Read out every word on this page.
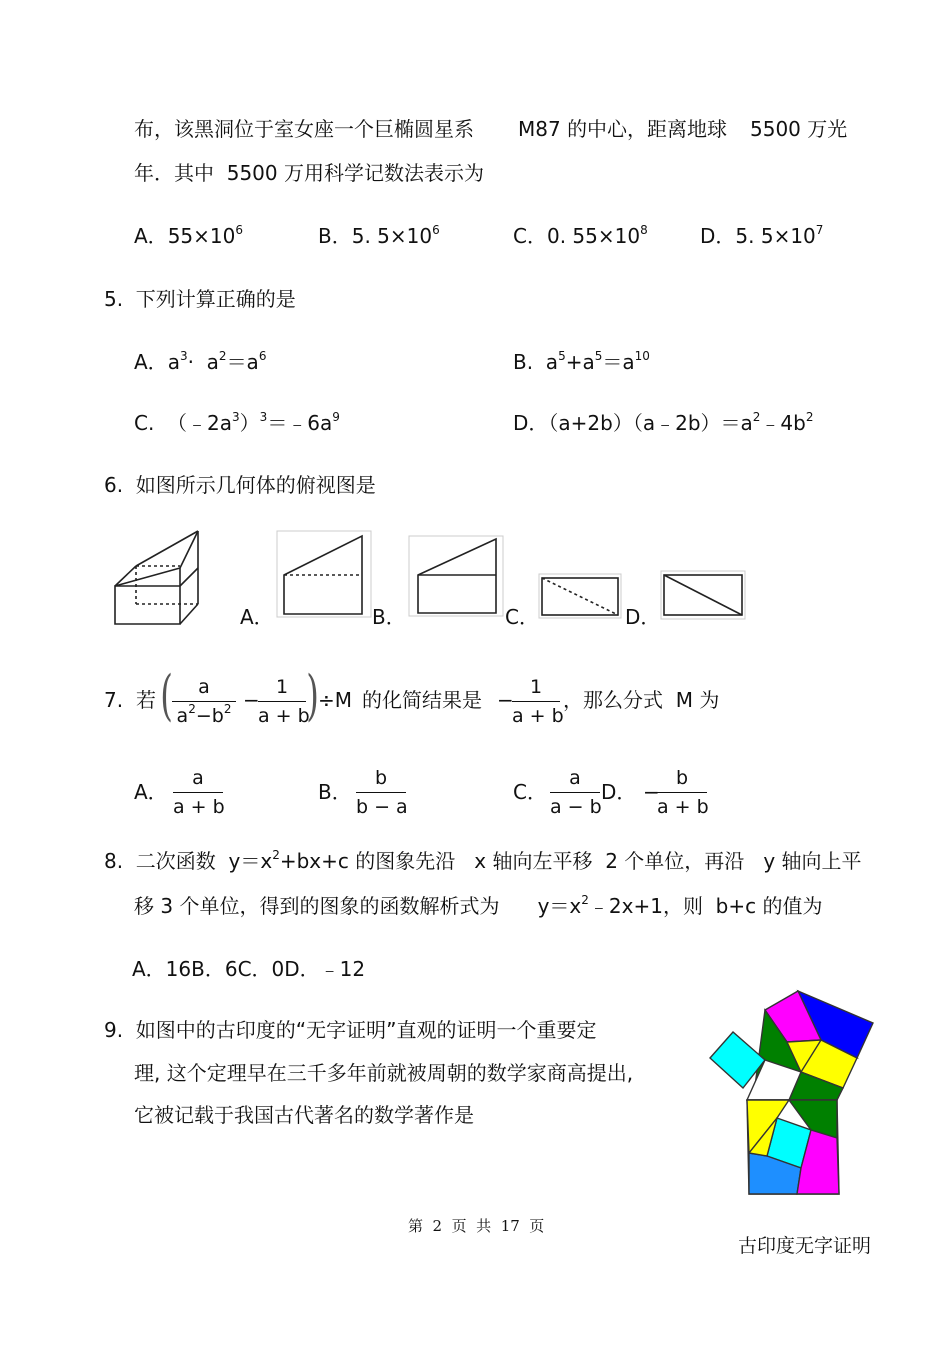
布，该黑洞位于室女座一个巨椭圆星系 M87 的中心，距离地球 5500 万光
年．其中  5500 万用科学记数法表示为
A．$55\times 10^6$	B．5. $5\times 10^6$	C．0. $55\times 10^8$	D．5. $5\times 10^7$
5.  下列计算正确的是
A．$a^3\cdot a^2=a^6$	B.  $a^5+a^5=a^{10}$
C.  $(﹣2a^3)^3=﹣6a^9$	D．$(a+2b)(a﹣2b)=a^2﹣4b^2$
6.  如图所示几何体的俯视图是
A．	B．	C．	D．
7. 若 (	a
$a^2-b^2$ −
1
a + b
) ÷M 的化简结果是 −
1
a + b
，那么分式  M 为
A．
a
a + b
B．
b
b − a
C．
a
a − b
D． −
b
a + b
8.  二次函数  $y=x^2+bx+c$ 的图象先沿   x 轴向左平移  2 个单位，再沿   y 轴向上平
移 3 个单位，得到的图象的函数解析式为      $y=x^2﹣2x+1$，则  b+c 的值为
A．16B．6C．0D．﹣12
9.  如图中的古印度的“无字证明”直观的证明一个重要定
理, 这个定理早在三千多年前就被周朝的数学家商高提出,
它被记载于我国古代著名的数学著作是
古印度无字证明
第  2  页  共  17  页
